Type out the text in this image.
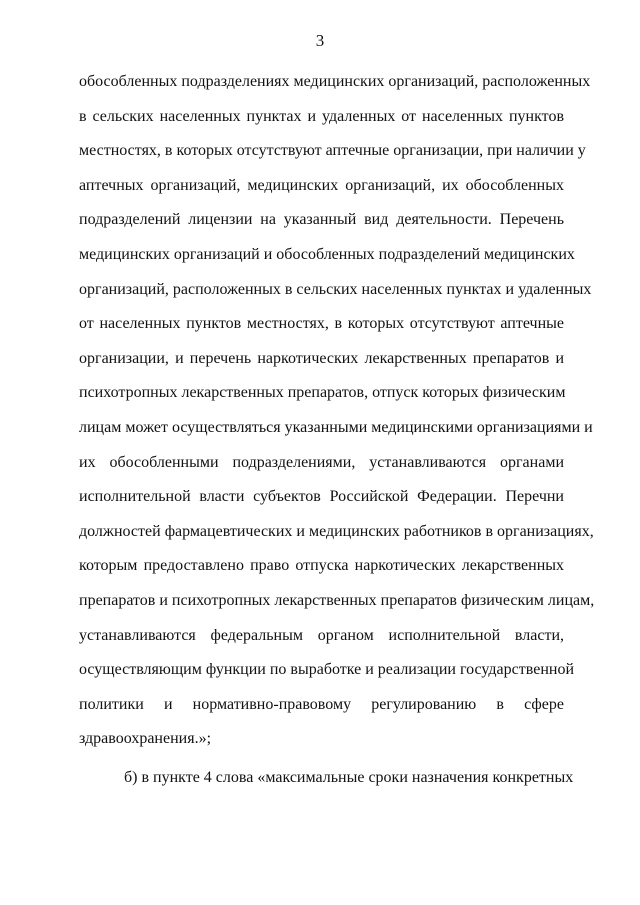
3
обособленных подразделениях медицинских организаций, расположенных
в сельских населенных пунктах и удаленных от населенных пунктов
местностях, в которых отсутствуют аптечные организации, при наличии у
аптечных организаций, медицинских организаций, их обособленных
подразделений лицензии на указанный вид деятельности. Перечень
медицинских организаций и обособленных подразделений медицинских
организаций, расположенных в сельских населенных пунктах и удаленных
от населенных пунктов местностях, в которых отсутствуют аптечные
организации, и перечень наркотических лекарственных препаратов и
психотропных лекарственных препаратов, отпуск которых физическим
лицам может осуществляться указанными медицинскими организациями и
их обособленными подразделениями, устанавливаются органами
исполнительной власти субъектов Российской Федерации. Перечни
должностей фармацевтических и медицинских работников в организациях,
которым предоставлено право отпуска наркотических лекарственных
препаратов и психотропных лекарственных препаратов физическим лицам,
устанавливаются федеральным органом исполнительной власти,
осуществляющим функции по выработке и реализации государственной
политики и нормативно-правовому регулированию в сфере
здравоохранения.»;
б) в пункте 4 слова «максимальные сроки назначения конкретных
